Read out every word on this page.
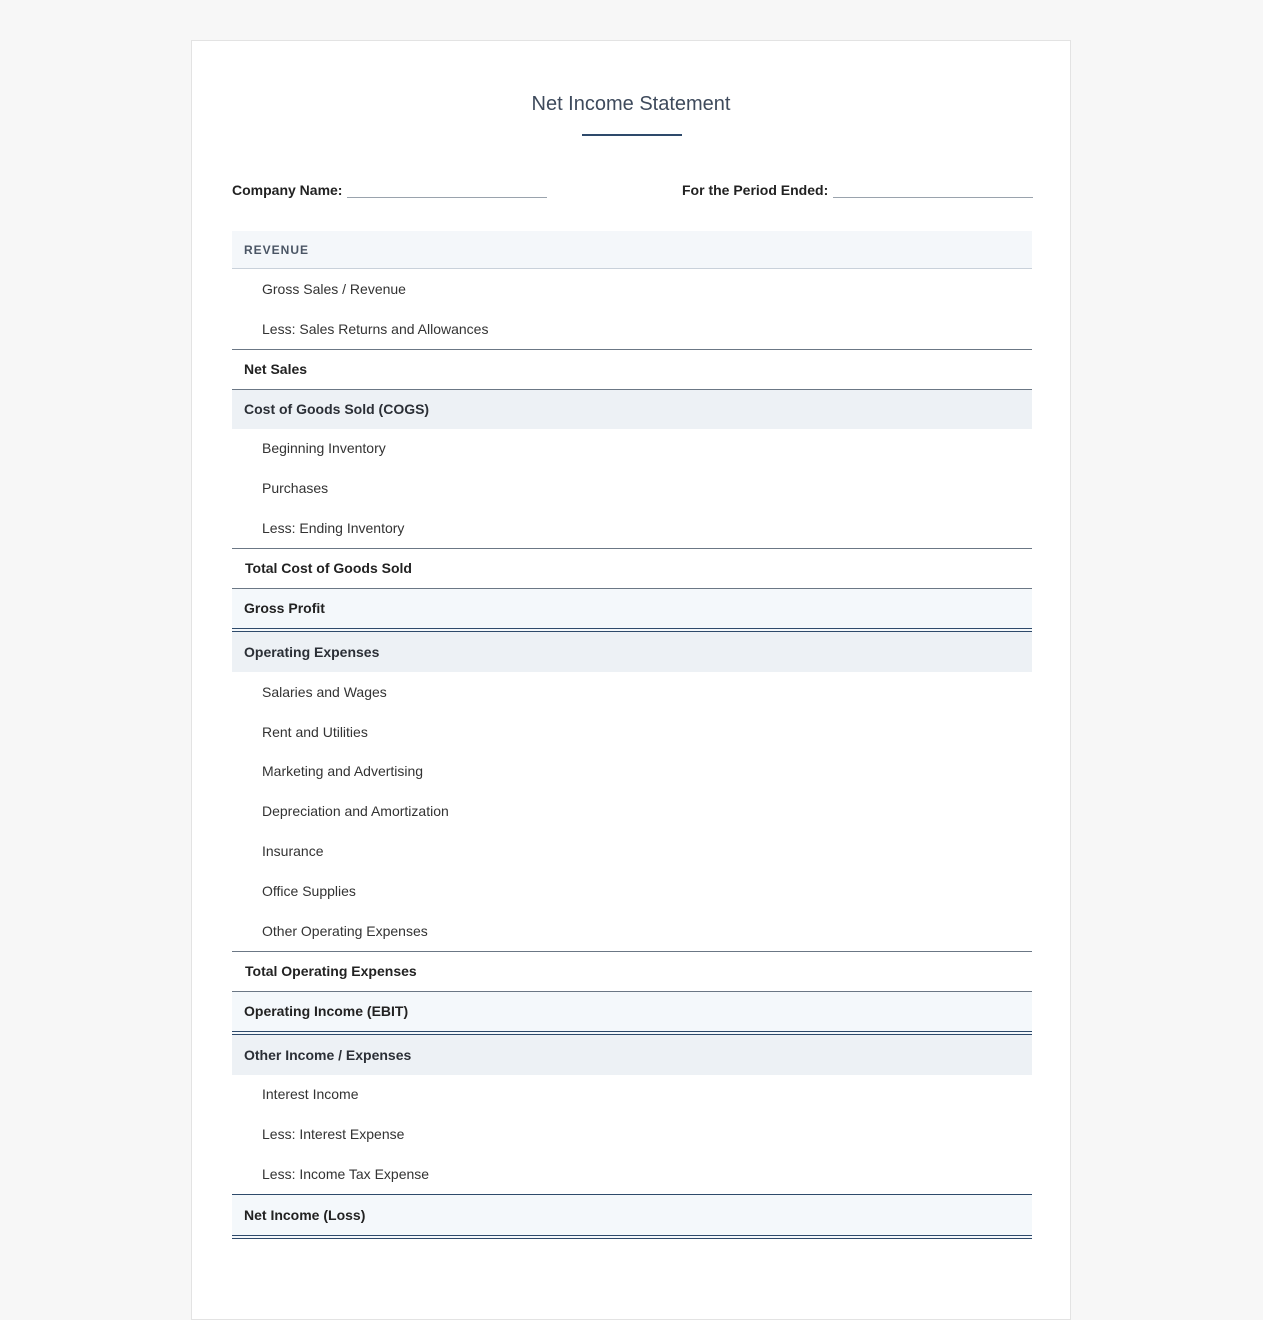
Net Income Statement
Company Name:	For the Period Ended:
REVENUE
Gross Sales / Revenue
Less: Sales Returns and Allowances
Net Sales
Cost of Goods Sold (COGS)
Beginning Inventory
Purchases
Less: Ending Inventory
Total Cost of Goods Sold
Gross Profit
Operating Expenses
Salaries and Wages
Rent and Utilities
Marketing and Advertising
Depreciation and Amortization
Insurance
Office Supplies
Other Operating Expenses
Total Operating Expenses
Operating Income (EBIT)
Other Income / Expenses
Interest Income
Less: Interest Expense
Less: Income Tax Expense
Net Income (Loss)
